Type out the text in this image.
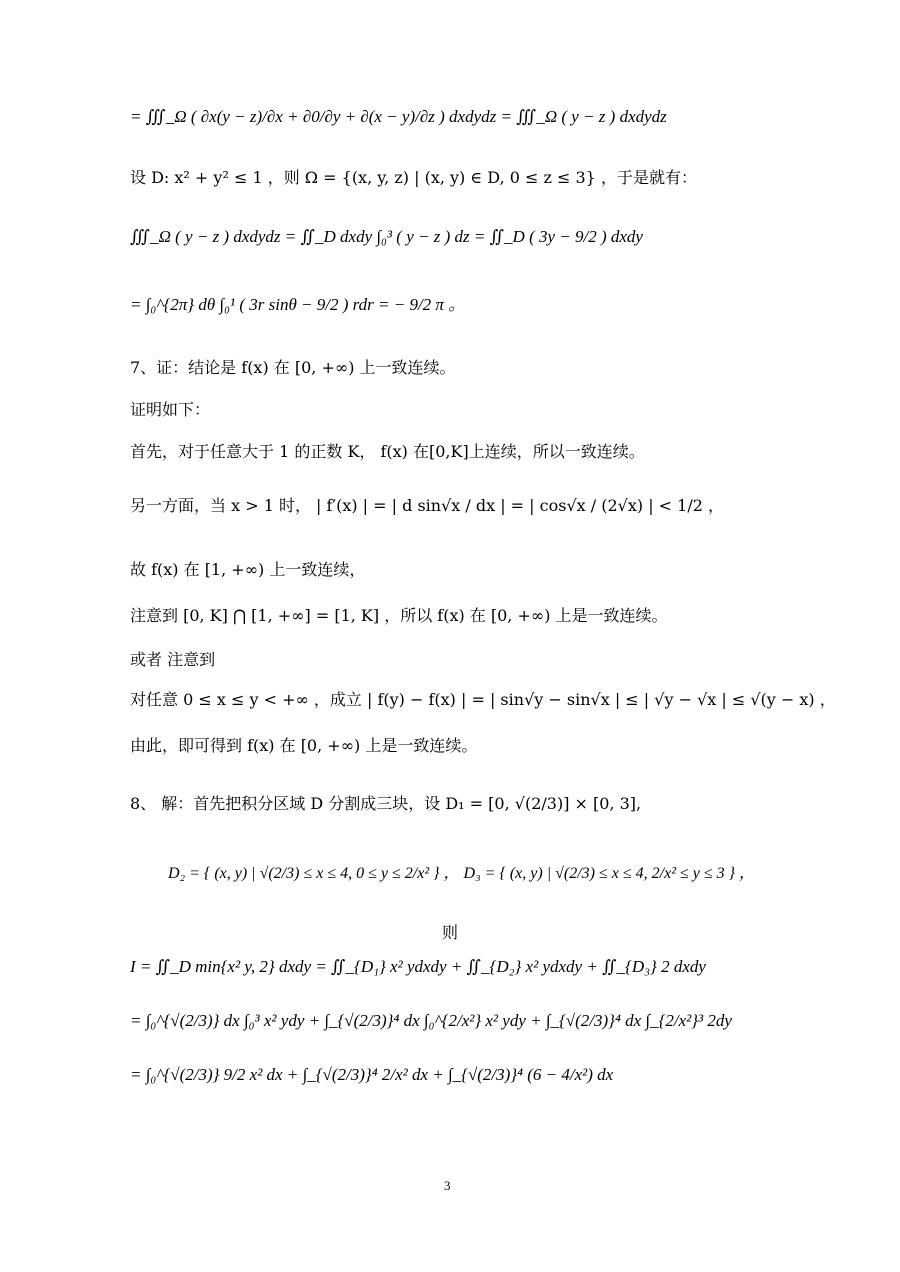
= ∭_Ω ( ∂x(y − z)/∂x + ∂0/∂y + ∂(x − y)/∂z ) dxdydz = ∭_Ω ( y − z ) dxdydz
设 D: x² + y² ≤ 1 ，则 Ω = {(x, y, z) | (x, y) ∈ D, 0 ≤ z ≤ 3} ，于是就有：
∭_Ω ( y − z ) dxdydz = ∬_D dxdy ∫₀³ ( y − z ) dz = ∬_D ( 3y − 9/2 ) dxdy
= ∫₀^{2π} dθ ∫₀¹ ( 3r sinθ − 9/2 ) rdr = − 9/2 π 。
7、证：结论是 f(x) 在 [0, +∞) 上一致连续。
证明如下：
首先，对于任意大于 1 的正数 K， f(x) 在[0,K]上连续，所以一致连续。
另一方面，当 x > 1 时， | f′(x) | = | d sin√x / dx | = | cos√x / (2√x) | < 1/2 ，
故 f(x) 在 [1, +∞) 上一致连续，
注意到 [0, K] ⋂ [1, +∞] = [1, K] ，所以 f(x) 在 [0, +∞) 上是一致连续。
或者 注意到
对任意 0 ≤ x ≤ y < +∞ ，成立 | f(y) − f(x) | = | sin√y − sin√x | ≤ | √y − √x | ≤ √(y − x) ，
由此，即可得到 f(x) 在 [0, +∞) 上是一致连续。
8、 解：首先把积分区域 D 分割成三块，设 D₁ = [0, √(2/3)] × [0, 3],
D₂ = { (x, y) | √(2/3) ≤ x ≤ 4, 0 ≤ y ≤ 2/x² } ， D₃ = { (x, y) | √(2/3) ≤ x ≤ 4, 2/x² ≤ y ≤ 3 } ，
则
I = ∬_D min{x² y, 2} dxdy = ∬_{D₁} x² ydxdy + ∬_{D₂} x² ydxdy + ∬_{D₃} 2 dxdy
= ∫₀^{√(2/3)} dx ∫₀³ x² ydy + ∫_{√(2/3)}⁴ dx ∫₀^{2/x²} x² ydy + ∫_{√(2/3)}⁴ dx ∫_{2/x²}³ 2dy
= ∫₀^{√(2/3)} 9/2 x² dx + ∫_{√(2/3)}⁴ 2/x² dx + ∫_{√(2/3)}⁴ (6 − 4/x²) dx
3
